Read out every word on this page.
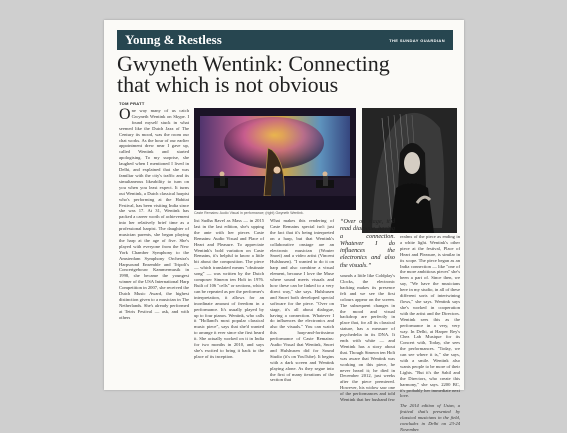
Young & Restless	THE SUNDAY GUARDIAN
Gwyneth Wentink: Connecting
that which is not obvious
TOM PRATT
O ne way many of us catch Gwyneth Wentink on Skype. I found myself stuck in what seemed like the Dutch Jazz of The Century its mood, was the room our chat works. As the hour of our earlier appointment drew near I gave up, called Wentink and started apologising. To my surprise, she laughed when I mentioned I lived in Delhi, and explained that she was familiar with the city's traffic and its simultaneous likeability to turn on you when you least expect. It turns out Wentink, a Dutch classical harpist who's performing at the Habitat Festival, has been visiting India since she was 17. At 31, Wentink has packed a career worth of achievement into her relatively brief time as a professional harpist. The daughter of musician parents, she began playing the harp at the age of five. She's played with everyone from the New York Chamber Symphony to the Amsterdam Symphony Orchestra's Harpsound Ensemble and Tripoli's Concertgebouw Kammermusik in 1998, she became the youngest winner of the USA International Harp Competition in 2007, she received the Dutch Music Award, the highest distinction given to a musician in The Netherlands. She's already performed at Tetris Festival — ask, and with others
Caste Remains: Audio Visual in performance; (right) Gwyneth Wentink.

list Sudha Ravel as Mass — in 2015 last in the last edition, she's upping the ante with her pieces Caste Remains: Audio Visual and Place of Heart and Pleasure. To appreciate Wentink's bold variation on Caste Remains, it's helpful to know a little bit about the composition. The piece — which translated means "obstinate song" — was written by the Dutch composer Simeon ten Holt in 1976. Built of 106 "cells" or sections, which can be repeated as per the performer's interpretation, it allows for an inordinate amount of freedom in a performance. It's usually played by up to four pianos. Wentink, who calls it "Holland's most popular classical music piece", says that she'd wanted to arrange it ever since she first heard it. She actually worked on it in India for two months in 2010, and says she's excited to bring it back to the place of its inception.

What makes this rendering of Caste Remains special isn't just the fact that it's being interpreted on a harp, but that Wentink's collaborative onstage are an electronic musician (Wouter Snoei) and a video artist (Vincent Hulshusen). "I wanted to do it on harp and also combine a visual element, because I love the Muse where sound meets visuals and how these can be linked to a very direct way," she says. Hulshusen and Snoei both developed special software for the piece. "Over on stage, it's all about dialogue, having a connection. Whatever I do influences the electronics and also the visuals." You can watch this harp-and-fortissimo performance of Caste Remains: Audio Visual that Wentink, Snoei and Hulshusen did for Sound Studio (it's on YouTube). It begins with a dark screen and Wentink playing alone. As they segue into the first of many iterations of the section that

“Over on stage, it’d read dialogue, having a connection. Whatever I do influences the electronics and also the visuals.”

sounds a little like Coldplay's Clocks, the electronic backing makes its presence felt and we see the first colours appear on the screen. The subsequent changes in the mood and visual backdrop are perfectly in place that, for all its classical stature, has a measure of psychedelia in its DNA. It ends with white — and Wentink has a story about that. Though Simeon ten Holt was aware that Wentink was working on this piece, he never heard it; he died in December 2012, just weeks after the piece premiered. However, his widow saw one of the performances and told Wentink that her husband few

realms of the piece as ending in a white light. Wentink's other piece at the festival, Place of Heart and Pleasure, is similar in its scope. The piece began as an India connection — like "one of the more ambitious pieces'' she's been a part of. Since then, we say, "We have the musicians here in my studio, in all of these different sorts of intertwining flows," she says. Wentink says she's worked in cooperation with the artist and the Directors. Wentink sees this as the performance in a very, very way. In Delhi, at Harper Rey's Chez Lab Musique for its Concert with, Today, she sees the performances. "Today, we can see where it is," she says, with a smile. Wentink also wants people to be more of their Lights. "But it's the Sahil and the Directors, who create this harmony," she says. 2200 BC, it's probably her immediate next love.

The 2014 edition of Ustav, a festival that's presented by classical musicians in the field, concludes in Delhi on 23-24 November.
